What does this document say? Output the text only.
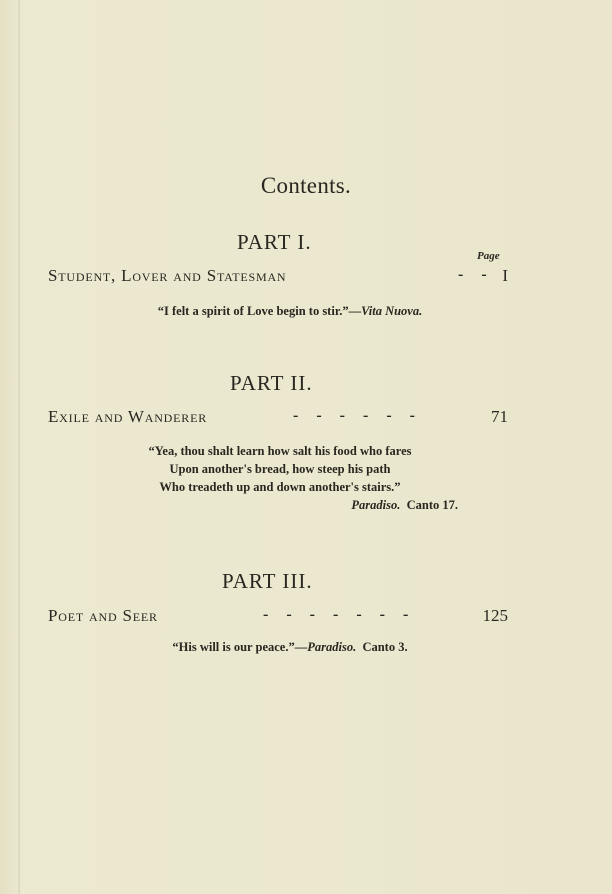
Contents.
PART I.
Page
Student, Lover and Statesman	- - I
“I felt a spirit of Love begin to stir.”—Vita Nuova.
PART II.
Exile and Wanderer	- - - - - -	71
“Yea, thou shalt learn how salt his food who fares
Upon another's bread, how steep his path
Who treadeth up and down another's stairs.”
Paradiso. Canto 17.
PART III.
Poet and Seer	- - - - - - -	125
“His will is our peace.”—Paradiso. Canto 3.
